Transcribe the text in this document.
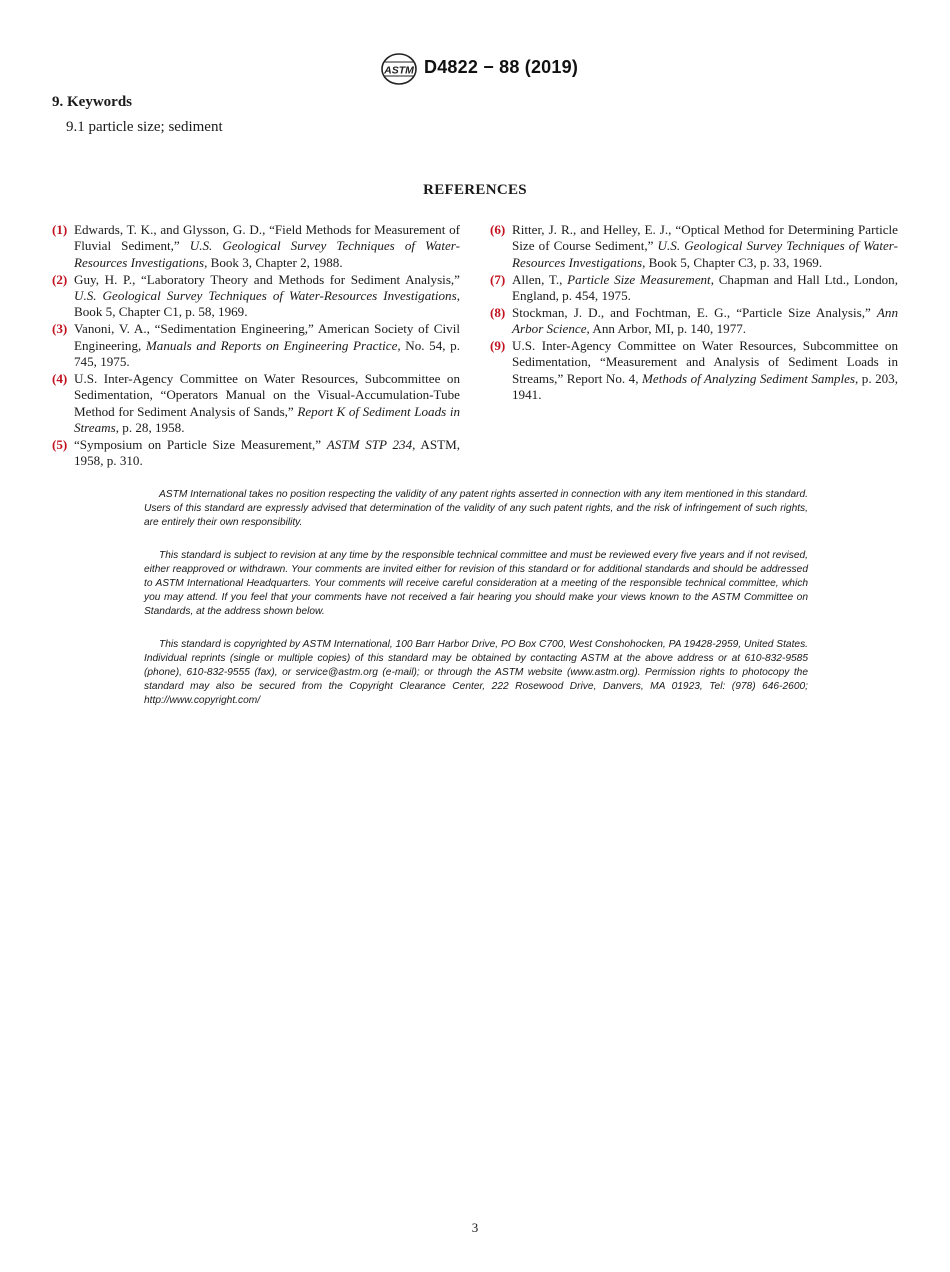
ASTM D4822 − 88 (2019)
9. Keywords
9.1 particle size; sediment
REFERENCES
(1) Edwards, T. K., and Glysson, G. D., “Field Methods for Measurement of Fluvial Sediment,” U.S. Geological Survey Techniques of Water-Resources Investigations, Book 3, Chapter 2, 1988.
(2) Guy, H. P., “Laboratory Theory and Methods for Sediment Analysis,” U.S. Geological Survey Techniques of Water-Resources Investigations, Book 5, Chapter C1, p. 58, 1969.
(3) Vanoni, V. A., “Sedimentation Engineering,” American Society of Civil Engineering, Manuals and Reports on Engineering Practice, No. 54, p. 745, 1975.
(4) U.S. Inter-Agency Committee on Water Resources, Subcommittee on Sedimentation, “Operators Manual on the Visual-Accumulation-Tube Method for Sediment Analysis of Sands,” Report K of Sediment Loads in Streams, p. 28, 1958.
(5) “Symposium on Particle Size Measurement,” ASTM STP 234, ASTM, 1958, p. 310.
(6) Ritter, J. R., and Helley, E. J., “Optical Method for Determining Particle Size of Course Sediment,” U.S. Geological Survey Techniques of Water-Resources Investigations, Book 5, Chapter C3, p. 33, 1969.
(7) Allen, T., Particle Size Measurement, Chapman and Hall Ltd., London, England, p. 454, 1975.
(8) Stockman, J. D., and Fochtman, E. G., “Particle Size Analysis,” Ann Arbor Science, Ann Arbor, MI, p. 140, 1977.
(9) U.S. Inter-Agency Committee on Water Resources, Subcommittee on Sedimentation, “Measurement and Analysis of Sediment Loads in Streams,” Report No. 4, Methods of Analyzing Sediment Samples, p. 203, 1941.
ASTM International takes no position respecting the validity of any patent rights asserted in connection with any item mentioned in this standard. Users of this standard are expressly advised that determination of the validity of any such patent rights, and the risk of infringement of such rights, are entirely their own responsibility.
This standard is subject to revision at any time by the responsible technical committee and must be reviewed every five years and if not revised, either reapproved or withdrawn. Your comments are invited either for revision of this standard or for additional standards and should be addressed to ASTM International Headquarters. Your comments will receive careful consideration at a meeting of the responsible technical committee, which you may attend. If you feel that your comments have not received a fair hearing you should make your views known to the ASTM Committee on Standards, at the address shown below.
This standard is copyrighted by ASTM International, 100 Barr Harbor Drive, PO Box C700, West Conshohocken, PA 19428-2959, United States. Individual reprints (single or multiple copies) of this standard may be obtained by contacting ASTM at the above address or at 610-832-9585 (phone), 610-832-9555 (fax), or service@astm.org (e-mail); or through the ASTM website (www.astm.org). Permission rights to photocopy the standard may also be secured from the Copyright Clearance Center, 222 Rosewood Drive, Danvers, MA 01923, Tel: (978) 646-2600; http://www.copyright.com/
3
